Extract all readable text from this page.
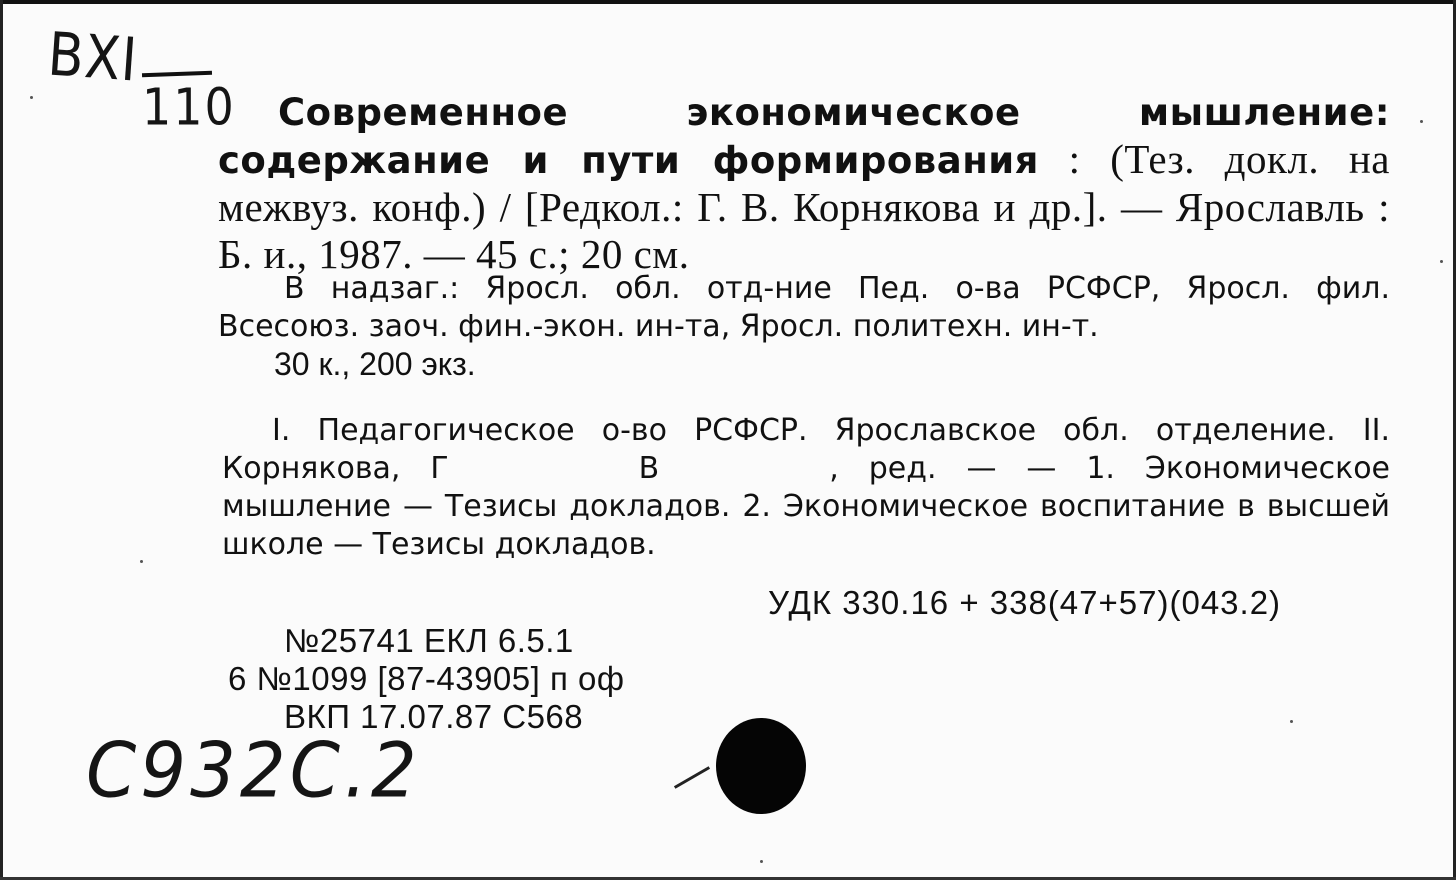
ВXI
110	Современное экономическое мышление: содержание и пути формирования : (Тез. докл. на межвуз. конф.) / [Редкол.: Г. В. Корнякова и др.]. — Ярославль : Б. и., 1987. — 45 с.; 20 см.
В надзаг.: Яросл. обл. отд-ние Пед. о-ва РСФСР, Яросл. фил. Всесоюз. заоч. фин.-экон. ин-та, Яросл. политехн. ин-т.
30 к., 200 экз.
I. Педагогическое о-во РСФСР. Ярославское обл. отделение. II. Корнякова, Г	В	, ред. — — 1. Экономическое мышление — Тезисы докладов. 2. Экономическое воспитание в высшей школе — Тезисы докладов.
УДК 330.16 + 338(47+57)(043.2)
№25741 ЕКЛ 6.5.1
6 №1099 [87-43905] п оф
ВКП 17.07.87 С568
C932C.2
